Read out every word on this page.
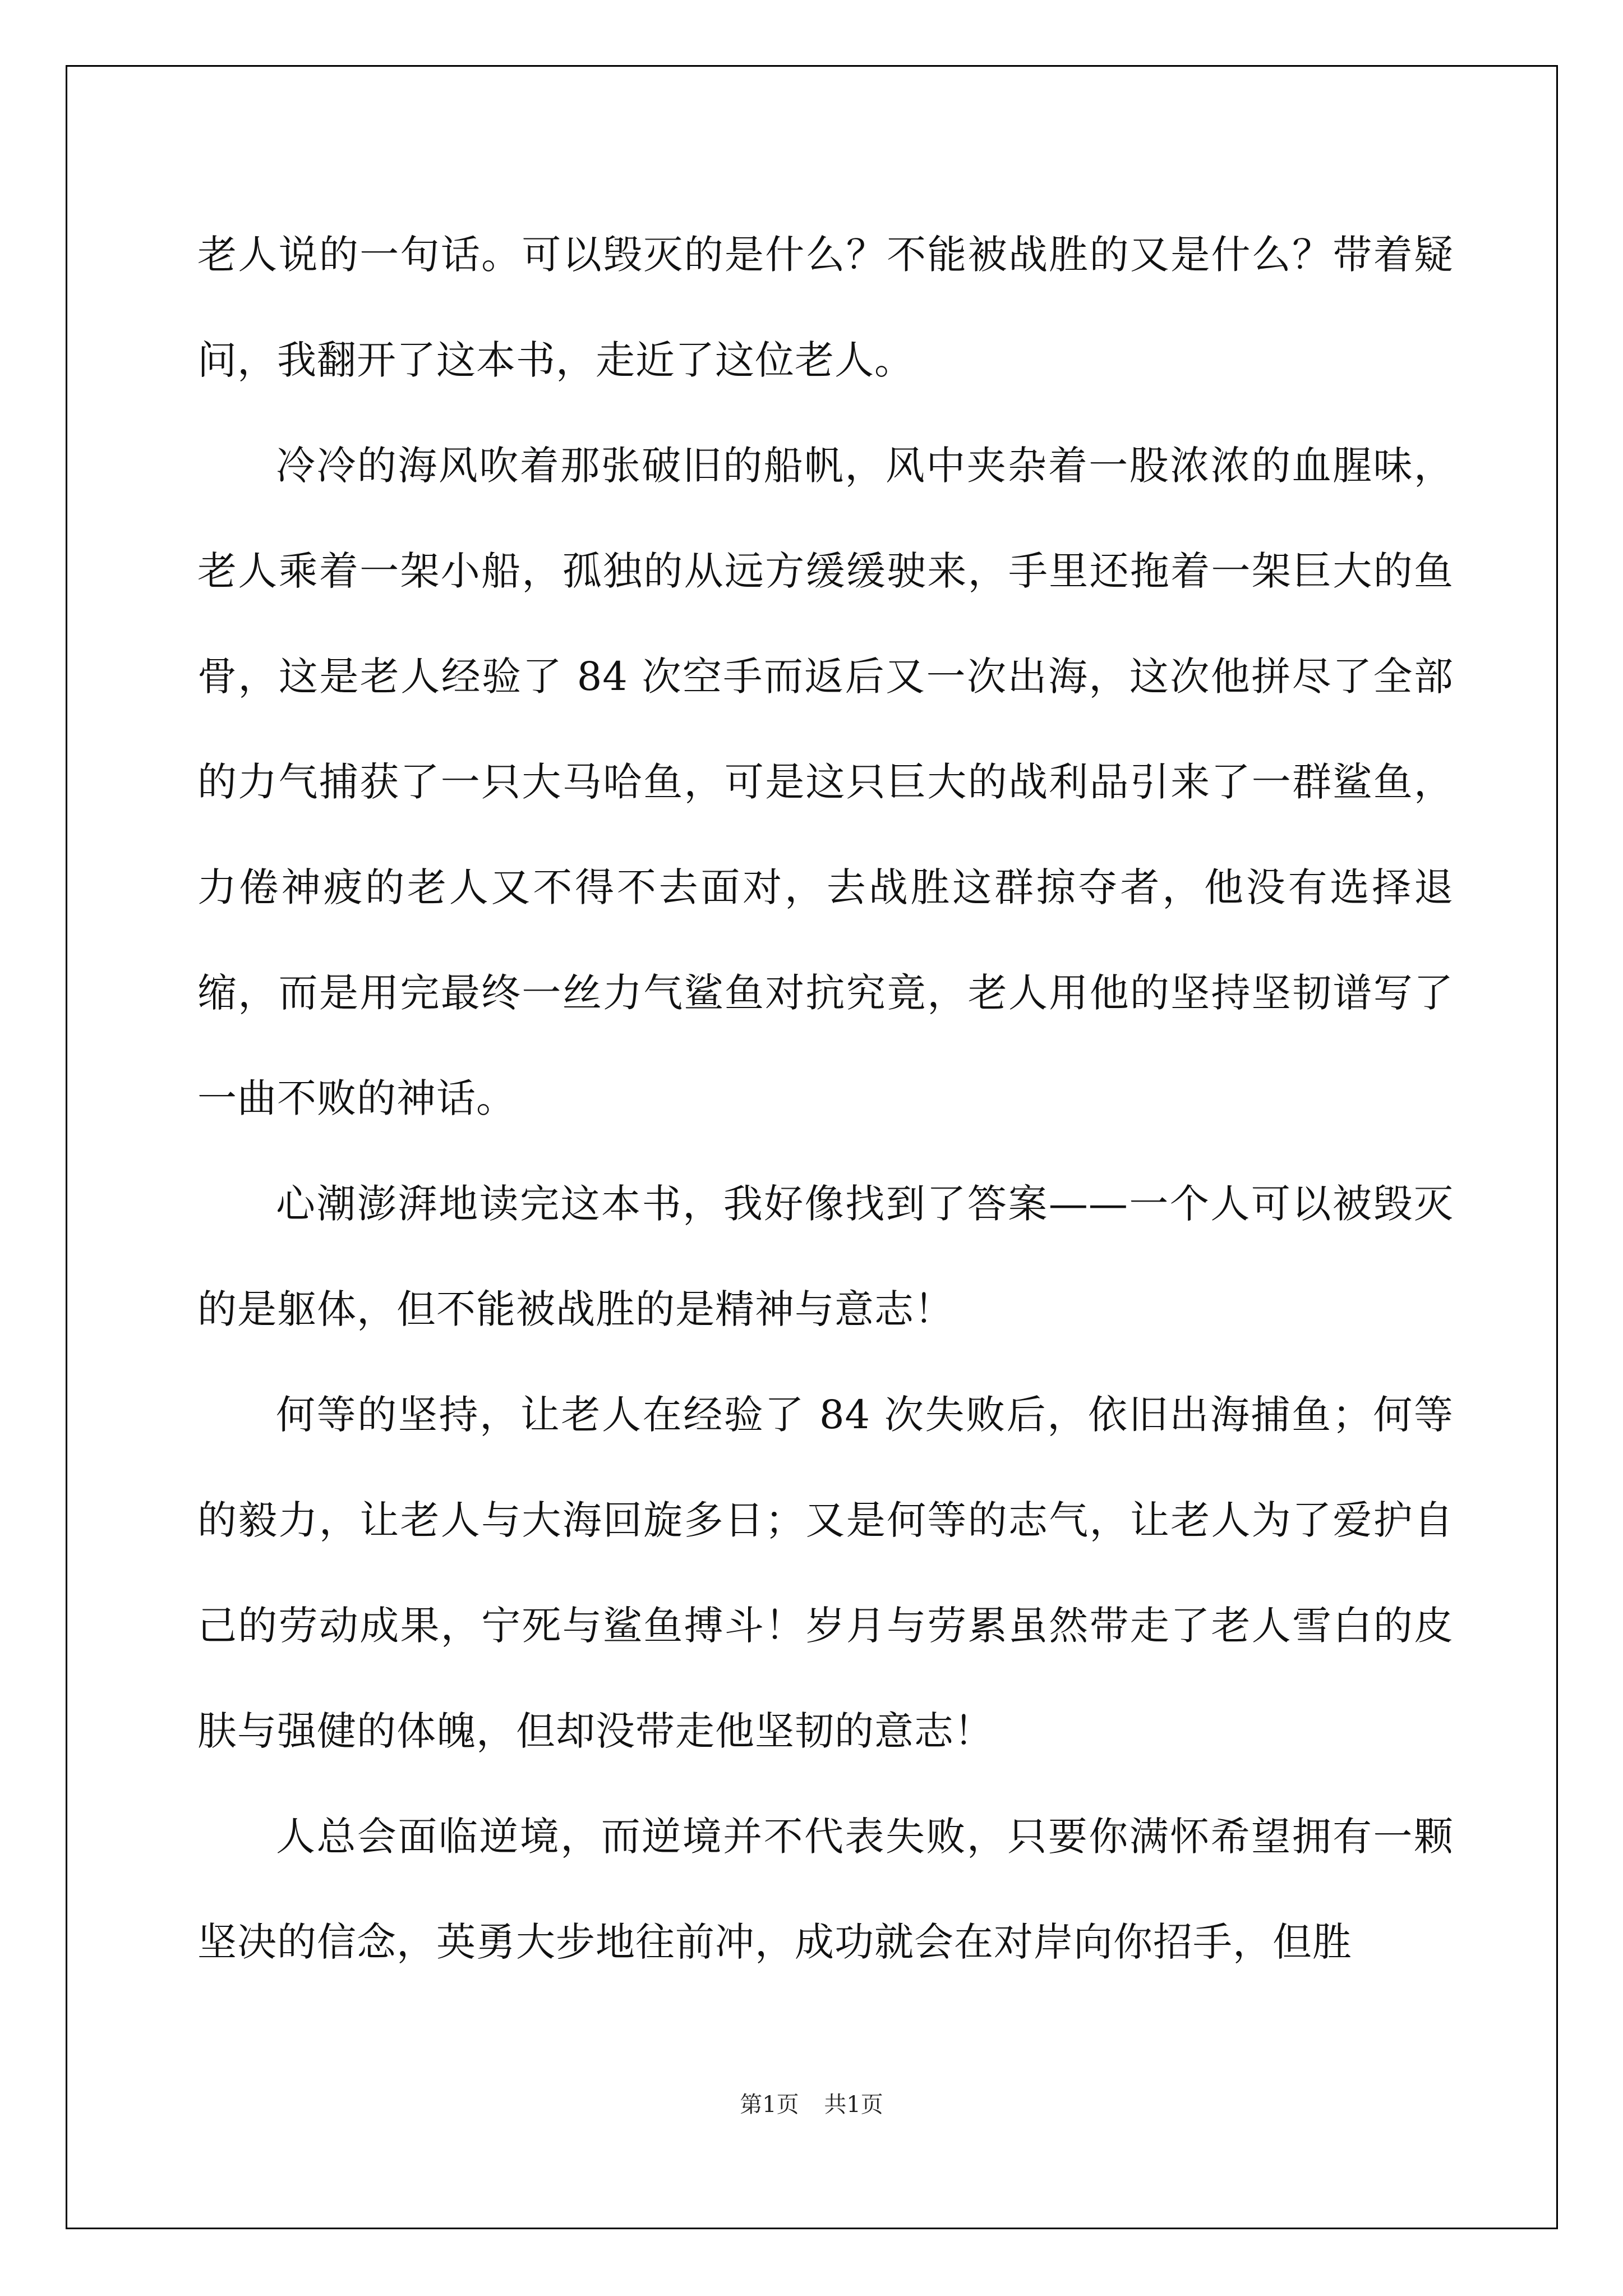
老人说的一句话。可以毁灭的是什么？不能被战胜的又是什么？带着疑问，我翻开了这本书，走近了这位老人。

冷冷的海风吹着那张破旧的船帆，风中夹杂着一股浓浓的血腥味，老人乘着一架小船，孤独的从远方缓缓驶来，手里还拖着一架巨大的鱼骨，这是老人经验了 84 次空手而返后又一次出海，这次他拼尽了全部的力气捕获了一只大马哈鱼，可是这只巨大的战利品引来了一群鲨鱼，力倦神疲的老人又不得不去面对，去战胜这群掠夺者，他没有选择退缩，而是用完最终一丝力气鲨鱼对抗究竟，老人用他的坚持坚韧谱写了一曲不败的神话。

心潮澎湃地读完这本书，我好像找到了答案——一个人可以被毁灭的是躯体，但不能被战胜的是精神与意志！

何等的坚持，让老人在经验了 84 次失败后，依旧出海捕鱼；何等的毅力，让老人与大海回旋多日；又是何等的志气，让老人为了爱护自己的劳动成果，宁死与鲨鱼搏斗！岁月与劳累虽然带走了老人雪白的皮肤与强健的体魄，但却没带走他坚韧的意志！

人总会面临逆境，而逆境并不代表失败，只要你满怀希望拥有一颗坚决的信念，英勇大步地往前冲，成功就会在对岸向你招手，但胜

第1页 共1页
